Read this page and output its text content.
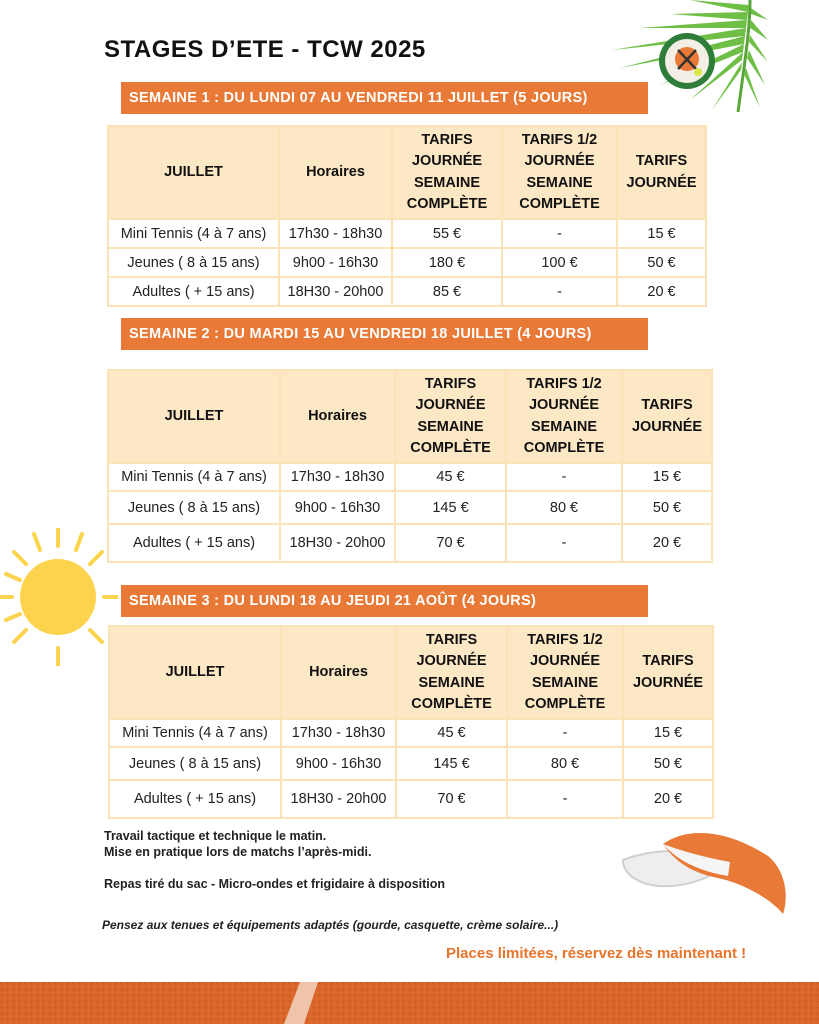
STAGES D’ETE - TCW 2025
SEMAINE 1 : DU LUNDI 07 AU VENDREDI 11 JUILLET (5 JOURS)
JUILLET	Horaires	TARIFS JOURNÉE SEMAINE COMPLÈTE	TARIFS 1/2 JOURNÉE SEMAINE COMPLÈTE	TARIFS JOURNÉE
Mini Tennis (4 à 7 ans)	17h30 - 18h30	55 €	-	15 €
Jeunes ( 8 à 15 ans)	9h00 - 16h30	180 €	100 €	50 €
Adultes ( + 15 ans)	18H30 - 20h00	85 €	-	20 €
SEMAINE 2 : DU MARDI 15 AU VENDREDI 18 JUILLET (4 JOURS)
JUILLET	Horaires	TARIFS JOURNÉE SEMAINE COMPLÈTE	TARIFS 1/2 JOURNÉE SEMAINE COMPLÈTE	TARIFS JOURNÉE
Mini Tennis (4 à 7 ans)	17h30 - 18h30	45 €	-	15 €
Jeunes ( 8 à 15 ans)	9h00 - 16h30	145 €	80 €	50 €
Adultes ( + 15 ans)	18H30 - 20h00	70 €	-	20 €
SEMAINE 3 : DU LUNDI 18 AU JEUDI 21 AOÛT (4 JOURS)
JUILLET	Horaires	TARIFS JOURNÉE SEMAINE COMPLÈTE	TARIFS 1/2 JOURNÉE SEMAINE COMPLÈTE	TARIFS JOURNÉE
Mini Tennis (4 à 7 ans)	17h30 - 18h30	45 €	-	15 €
Jeunes ( 8 à 15 ans)	9h00 - 16h30	145 €	80 €	50 €
Adultes ( + 15 ans)	18H30 - 20h00	70 €	-	20 €

Travail tactique et technique le matin.

Mise en pratique lors de matchs l’après-midi.

Repas tiré du sac - Micro-ondes et frigidaire à disposition

Pensez aux tenues et équipements adaptés (gourde, casquette, crème solaire...)
Places limitées, réservez dès maintenant !
